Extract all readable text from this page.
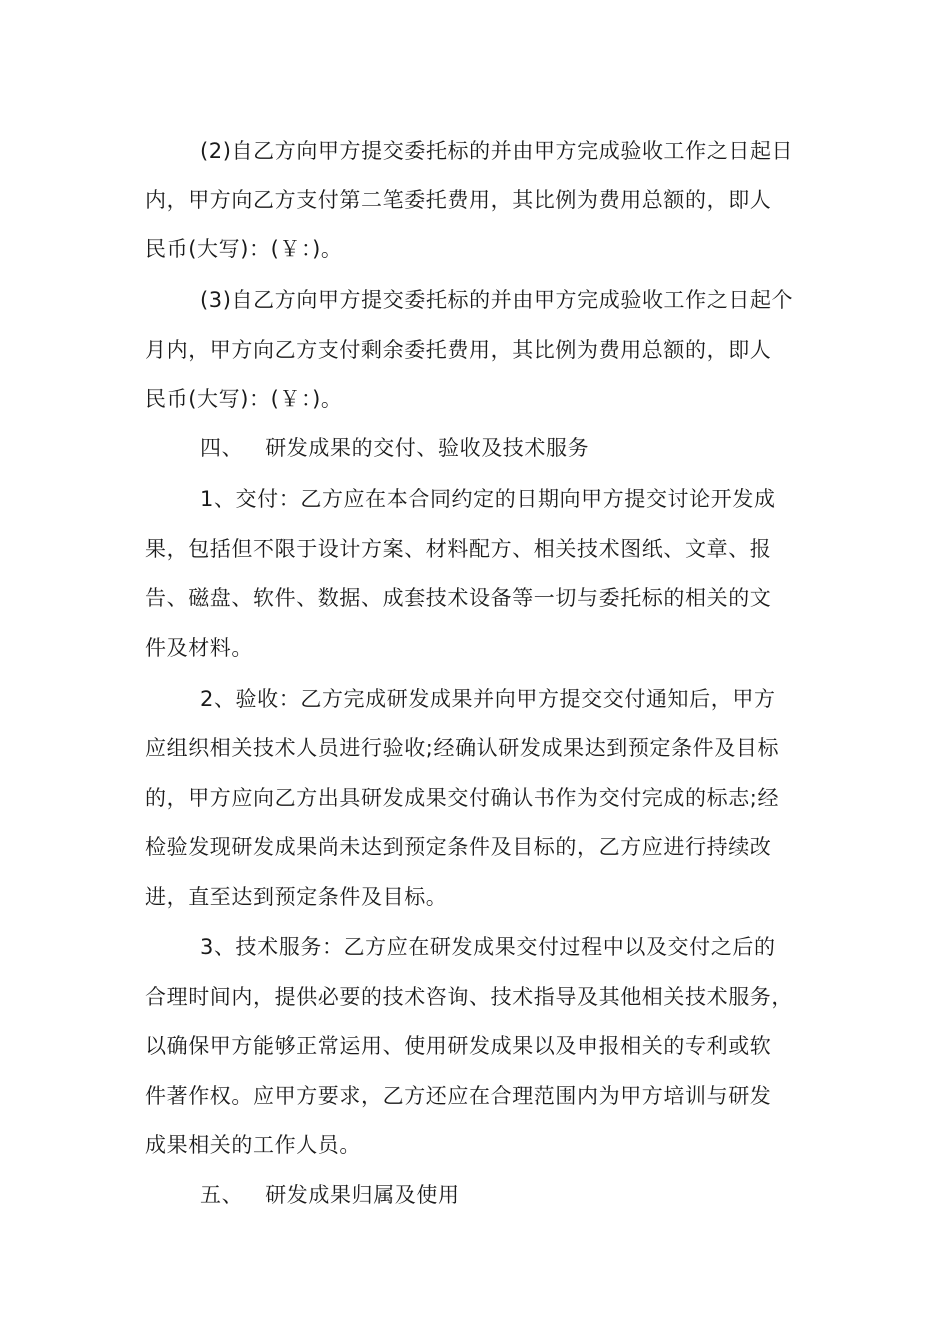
(2)自乙方向甲方提交委托标的并由甲方完成验收工作之日起日
内，甲方向乙方支付第二笔委托费用，其比例为费用总额的，即人
民币(大写)：(￥：)。
(3)自乙方向甲方提交委托标的并由甲方完成验收工作之日起个
月内，甲方向乙方支付剩余委托费用，其比例为费用总额的，即人
民币(大写)：(￥：)。
四、 研发成果的交付、验收及技术服务
1、交付：乙方应在本合同约定的日期向甲方提交讨论开发成
果，包括但不限于设计方案、材料配方、相关技术图纸、文章、报
告、磁盘、软件、数据、成套技术设备等一切与委托标的相关的文
件及材料。
2、验收：乙方完成研发成果并向甲方提交交付通知后，甲方
应组织相关技术人员进行验收;经确认研发成果达到预定条件及目标
的，甲方应向乙方出具研发成果交付确认书作为交付完成的标志;经
检验发现研发成果尚未达到预定条件及目标的，乙方应进行持续改
进，直至达到预定条件及目标。
3、技术服务：乙方应在研发成果交付过程中以及交付之后的
合理时间内，提供必要的技术咨询、技术指导及其他相关技术服务，
以确保甲方能够正常运用、使用研发成果以及申报相关的专利或软
件著作权。应甲方要求，乙方还应在合理范围内为甲方培训与研发
成果相关的工作人员。
五、 研发成果归属及使用
